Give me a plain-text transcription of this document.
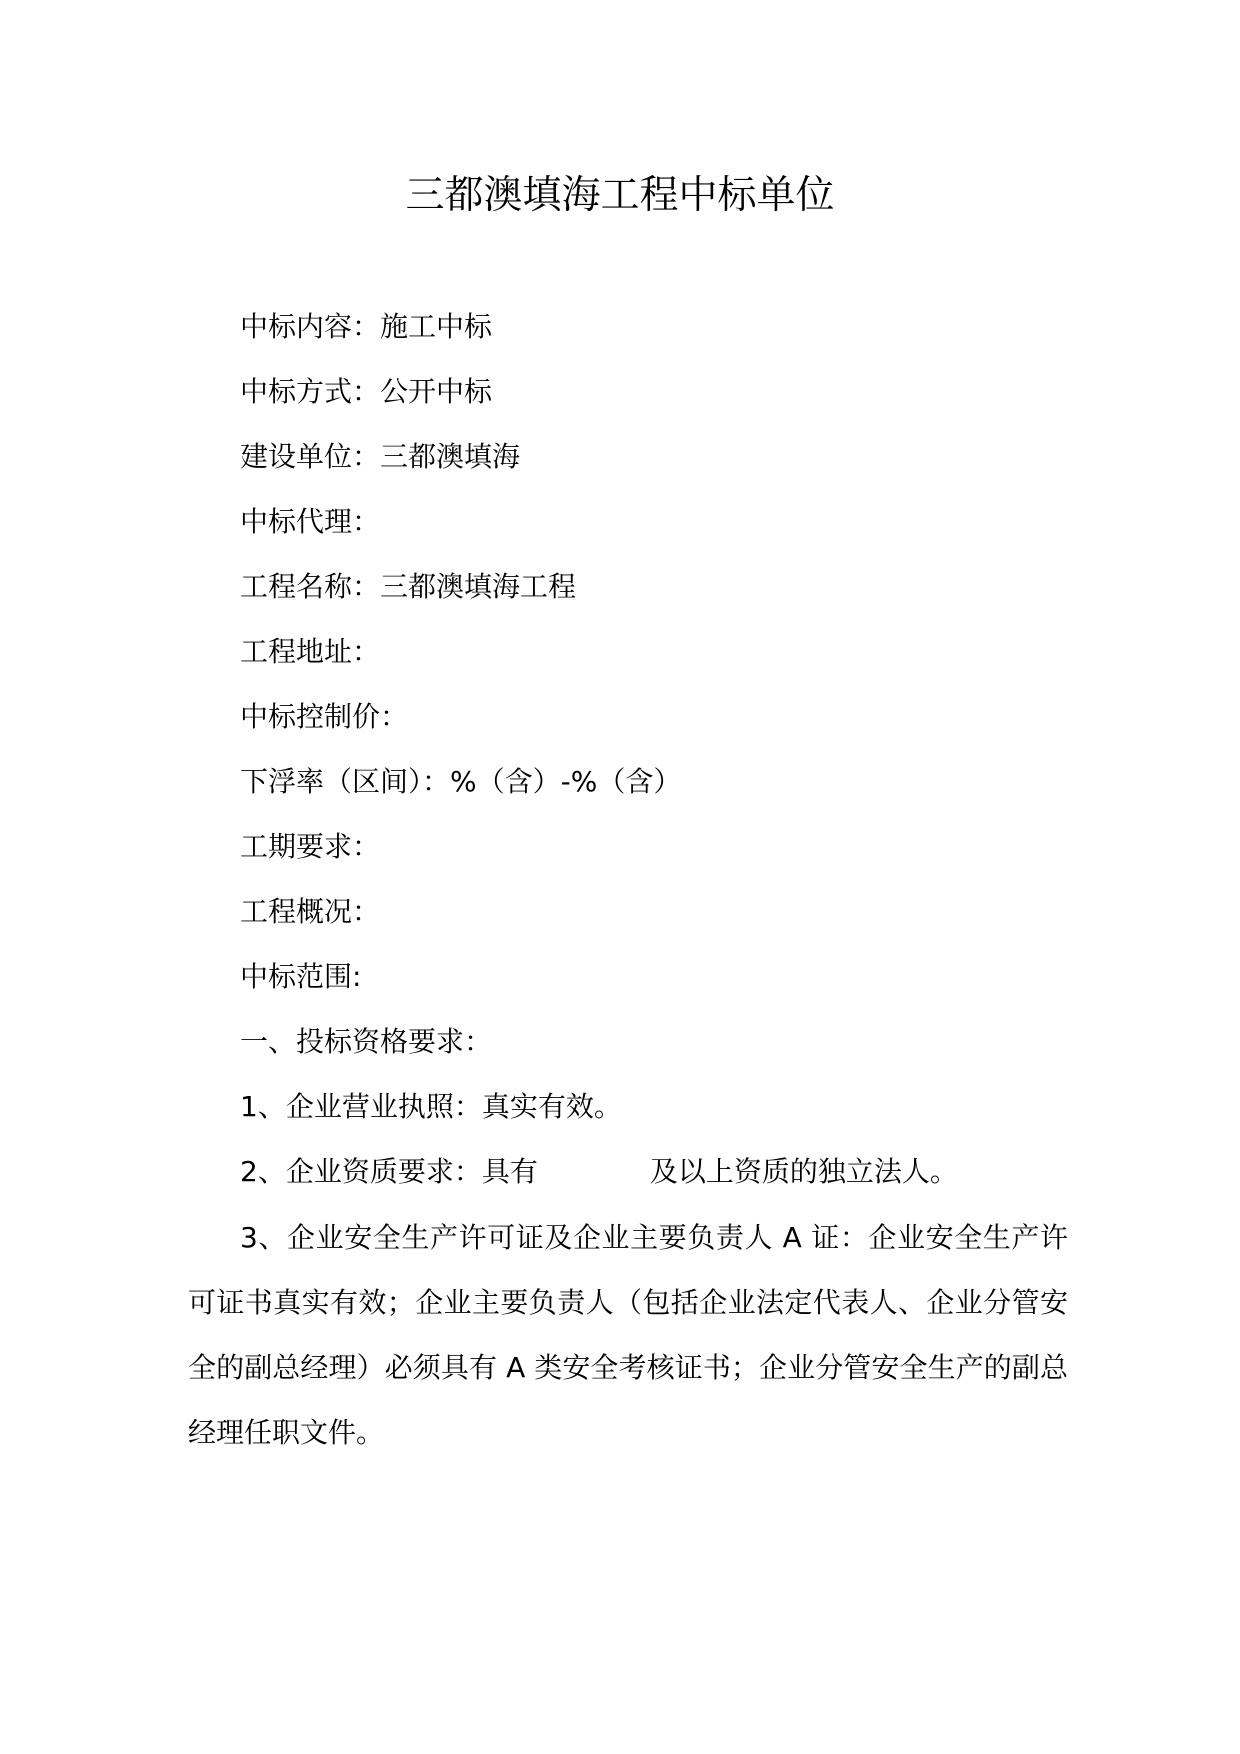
三都澳填海工程中标单位
中标内容：施工中标
中标方式：公开中标
建设单位：三都澳填海
中标代理：
工程名称：三都澳填海工程
工程地址：
中标控制价：
下浮率（区间）：%（含）-%（含）
工期要求：
工程概况：
中标范围:
一、投标资格要求：
1、企业营业执照：真实有效。
2、企业资质要求：具有	及以上资质的独立法人。
3、企业安全生产许可证及企业主要负责人 A 证：企业安全生产许可证书真实有效；企业主要负责人（包括企业法定代表人、企业分管安全的副总经理）必须具有 A 类安全考核证书；企业分管安全生产的副总经理任职文件。
